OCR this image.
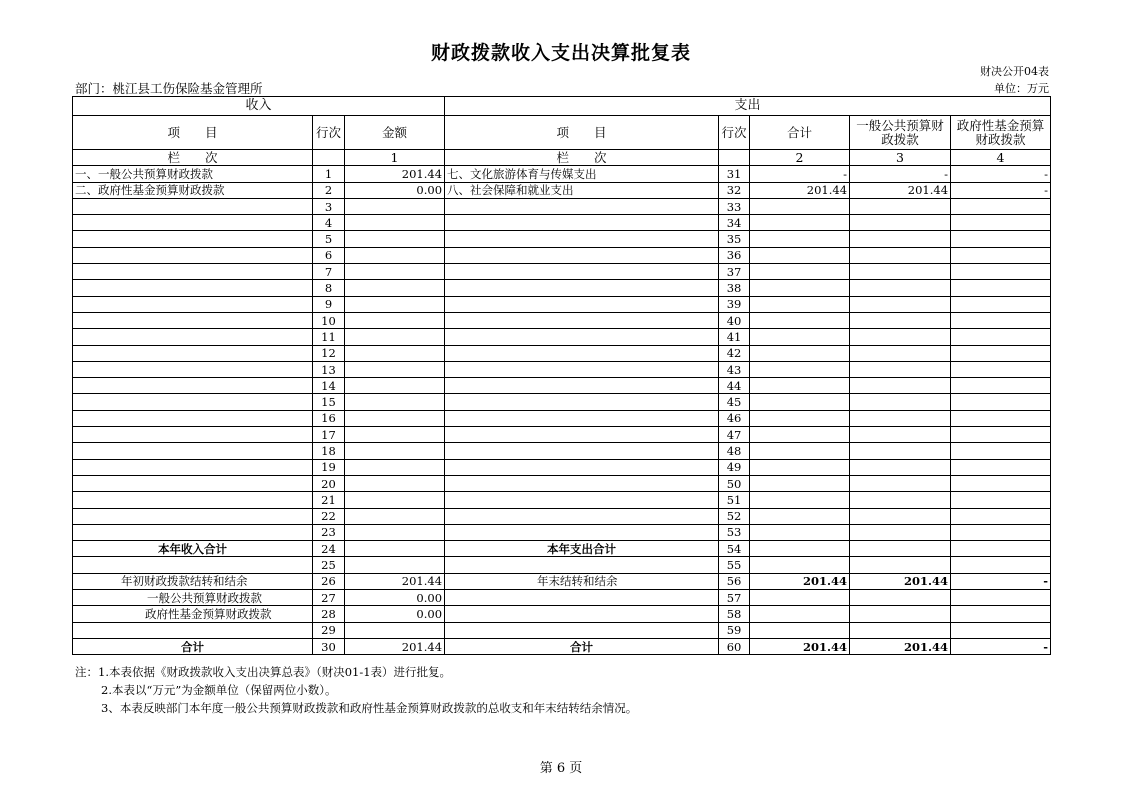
财政拨款收入支出决算批复表
财决公开04表
部门：桃江县工伤保险基金管理所	单位：万元
收入			支出				
项　　目	行次	金额	项　　目	行次	合计	一般公共预算财政拨款	政府性基金预算财政拨款
栏　　次		1	栏　　次		2	3	4
一、一般公共预算财政拨款	1	201.44	七、文化旅游体育与传媒支出	31	-	-	-
二、政府性基金预算财政拨款	2	0.00	八、社会保障和就业支出	32	201.44	201.44	-
	3			33			
	4			34			
	5			35			
	6			36			
	7			37			
	8			38			
	9			39			
	10			40			
	11			41			
	12			42			
	13			43			
	14			44			
	15			45			
	16			46			
	17			47			
	18			48			
	19			49			
	20			50			
	21			51			
	22			52			
	23			53			
本年收入合计	24		本年支出合计	54			
	25			55			
年初财政拨款结转和结余	26	201.44	年末结转和结余	56	201.44	201.44	-
一般公共预算财政拨款	27	0.00		57			
政府性基金预算财政拨款	28	0.00		58			
	29			59			
合计	30	201.44	合计	60	201.44	201.44	-
注：1.本表依据《财政拨款收入支出决算总表》（财决01-1表）进行批复。
2.本表以“万元”为金额单位（保留两位小数）。
3、本表反映部门本年度一般公共预算财政拨款和政府性基金预算财政拨款的总收支和年末结转结余情况。
第 6 页
